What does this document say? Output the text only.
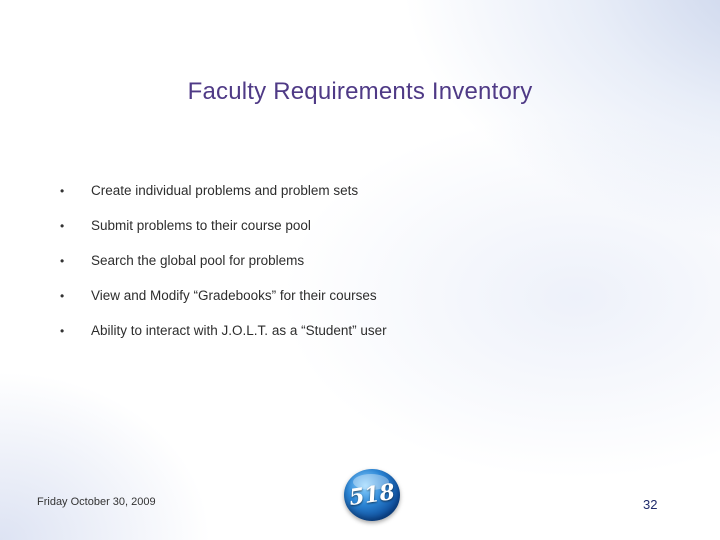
Faculty Requirements Inventory
•	Create individual problems and problem sets
•	Submit problems to their course pool
•	Search the global pool for problems
•	View and Modify “Gradebooks” for their courses
•	Ability to interact with J.O.L.T. as a “Student” user
Friday October 30, 2009	518	32
